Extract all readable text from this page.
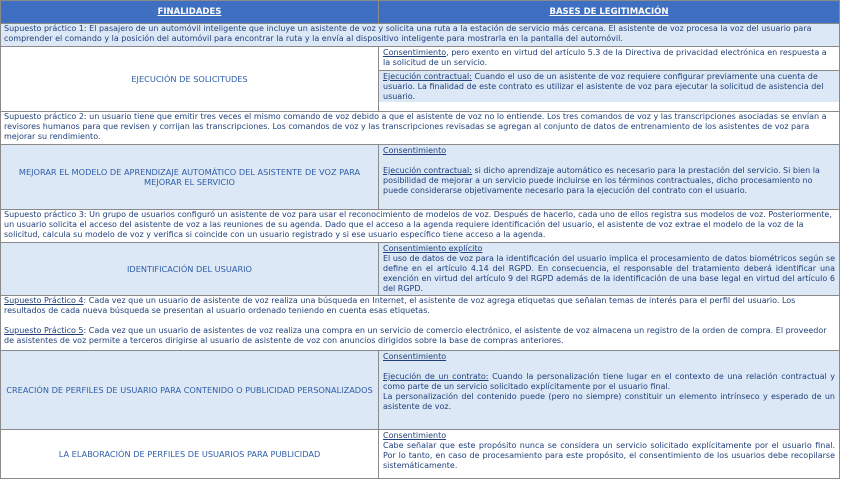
FINALIDADES	BASES DE LEGITIMACIÓN
Supuesto práctico 1: El pasajero de un automóvil inteligente que incluye un asistente de voz y solicita una ruta a la estación de servicio más cercana. El asistente de voz procesa la voz del usuario para comprender el comando y la posición del automóvil para encontrar la ruta y la envía al dispositivo inteligente para mostrarla en la pantalla del automóvil.	
EJECUCIÓN DE SOLICITUDES	Consentimiento, pero exento en virtud del artículo 5.3 de la Directiva de privacidad electrónica en respuesta a la solicitud de un servicio.
Ejecución contractual: Cuando el uso de un asistente de voz requiere configurar previamente una cuenta de usuario. La finalidad de este contrato es utilizar el asistente de voz para ejecutar la solicitud de asistencia del usuario.

Supuesto práctico 2: un usuario tiene que emitir tres veces el mismo comando de voz debido a que el asistente de voz no lo entiende. Los tres comandos de voz y las transcripciones asociadas se envían a revisores humanos para que revisen y corrijan las transcripciones. Los comandos de voz y las transcripciones revisadas se agregan al conjunto de datos de entrenamiento de los asistentes de voz para mejorar su rendimiento.	
MEJORAR EL MODELO DE APRENDIZAJE AUTOMÁTICO DEL ASISTENTE DE VOZ PARA MEJORAR EL SERVICIO	Consentimiento
Ejecución contractual: si dicho aprendizaje automático es necesario para la prestación del servicio. Si bien la posibilidad de mejorar a un servicio puede incluirse en los términos contractuales, dicho procesamiento no puede considerarse objetivamente necesario para la ejecución del contrato con el usuario.
Supuesto práctico 3: Un grupo de usuarios configuró un asistente de voz para usar el reconocimiento de modelos de voz. Después de hacerlo, cada uno de ellos registra sus modelos de voz. Posteriormente, un usuario solicita el acceso del asistente de voz a las reuniones de su agenda. Dado que el acceso a la agenda requiere identificación del usuario, el asistente de voz extrae el modelo de la voz de la solicitud, calcula su modelo de voz y verifica si coincide con un usuario registrado y si ese usuario específico tiene acceso a la agenda.	
IDENTIFICACIÓN DEL USUARIO	Consentimiento explícito
El uso de datos de voz para la identificación del usuario implica el procesamiento de datos biométricos según se define en el artículo 4.14 del RGPD. En consecuencia, el responsable del tratamiento deberá identificar una exención en virtud del artículo 9 del RGPD además de la identificación de una base legal en virtud del artículo 6 del RGPD.
Supuesto Práctico 4: Cada vez que un usuario de asistente de voz realiza una búsqueda en Internet, el asistente de voz agrega etiquetas que señalan temas de interés para el perfil del usuario. Los resultados de cada nueva búsqueda se presentan al usuario ordenado teniendo en cuenta esas etiquetas.
Supuesto Práctico 5: Cada vez que un usuario de asistentes de voz realiza una compra en un servicio de comercio electrónico, el asistente de voz almacena un registro de la orden de compra. El proveedor de asistentes de voz permite a terceros dirigirse al usuario de asistente de voz con anuncios dirigidos sobre la base de compras anteriores.	
CREACIÓN DE PERFILES DE USUARIO PARA CONTENIDO O PUBLICIDAD PERSONALIZADOS	Consentimiento
Ejecución de un contrato: Cuando la personalización tiene lugar en el contexto de una relación contractual y como parte de un servicio solicitado explícitamente por el usuario final.
La personalización del contenido puede (pero no siempre) constituir un elemento intrínseco y esperado de un asistente de voz.

LA ELABORACIÓN DE PERFILES DE USUARIOS PARA PUBLICIDAD	Consentimiento
Cabe señalar que este propósito nunca se considera un servicio solicitado explícitamente por el usuario final. Por lo tanto, en caso de procesamiento para este propósito, el consentimiento de los usuarios debe recopilarse sistemáticamente.
